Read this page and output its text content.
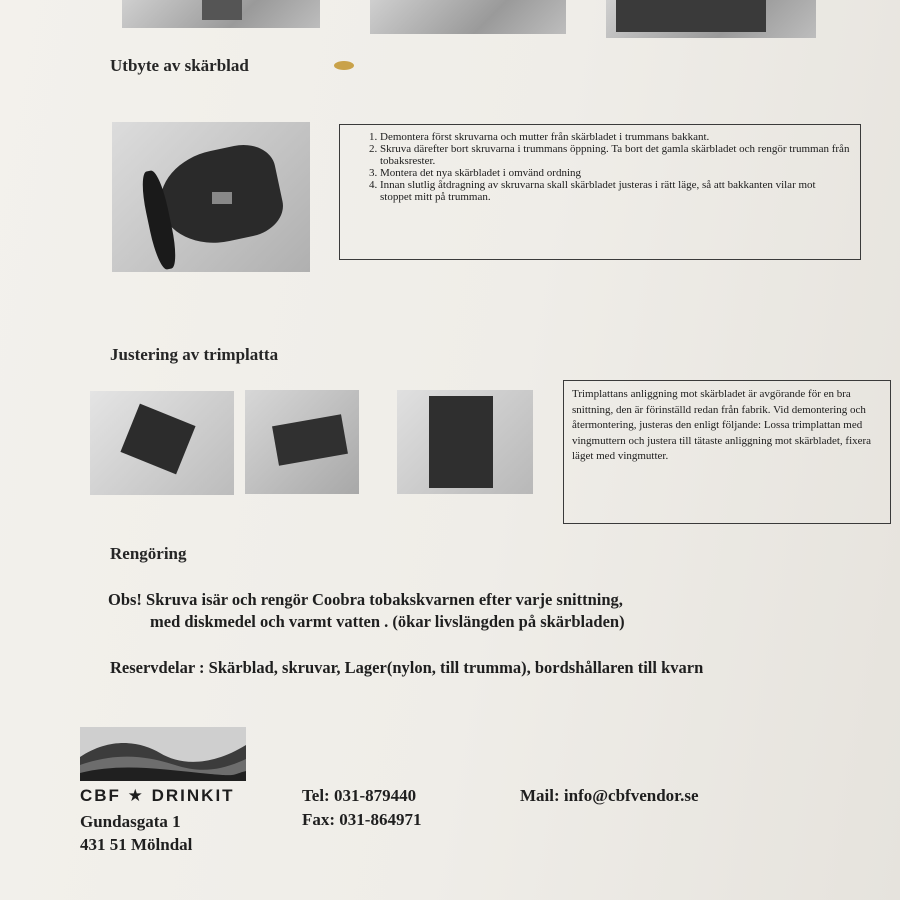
Utbyte av skärblad
1. Demontera först skruvarna och mutter från skärbladet i trummans bakkant.
2. Skruva därefter bort skruvarna i trummans öppning. Ta bort det gamla skärbladet och rengör trumman från tobaksrester.
3. Montera det nya skärbladet i omvänd ordning
4. Innan slutlig åtdragning av skruvarna skall skärbladet justeras i rätt läge, så att bakkanten vilar mot stoppet mitt på trumman.
Justering av trimplatta
Trimplattans anliggning mot skärbladet är avgörande för en bra snittning, den är förinställd redan från fabrik. Vid demontering och återmontering, justeras den enligt följande: Lossa trimplattan med vingmuttern och justera till tätaste anliggning mot skärbladet, fixera läget med vingmutter.
Rengöring
Obs! Skruva isär och rengör Coobra tobakskvarnen efter varje snittning,
med diskmedel och varmt vatten . (ökar livslängden på skärbladen)
Reservdelar : Skärblad, skruvar, Lager(nylon, till trumma), bordshållaren till kvarn
CBF ★ DRINKIT
Gundasgata 1
431 51 Mölndal
Tel: 031-879440
Fax: 031-864971
Mail: info@cbfvendor.se
